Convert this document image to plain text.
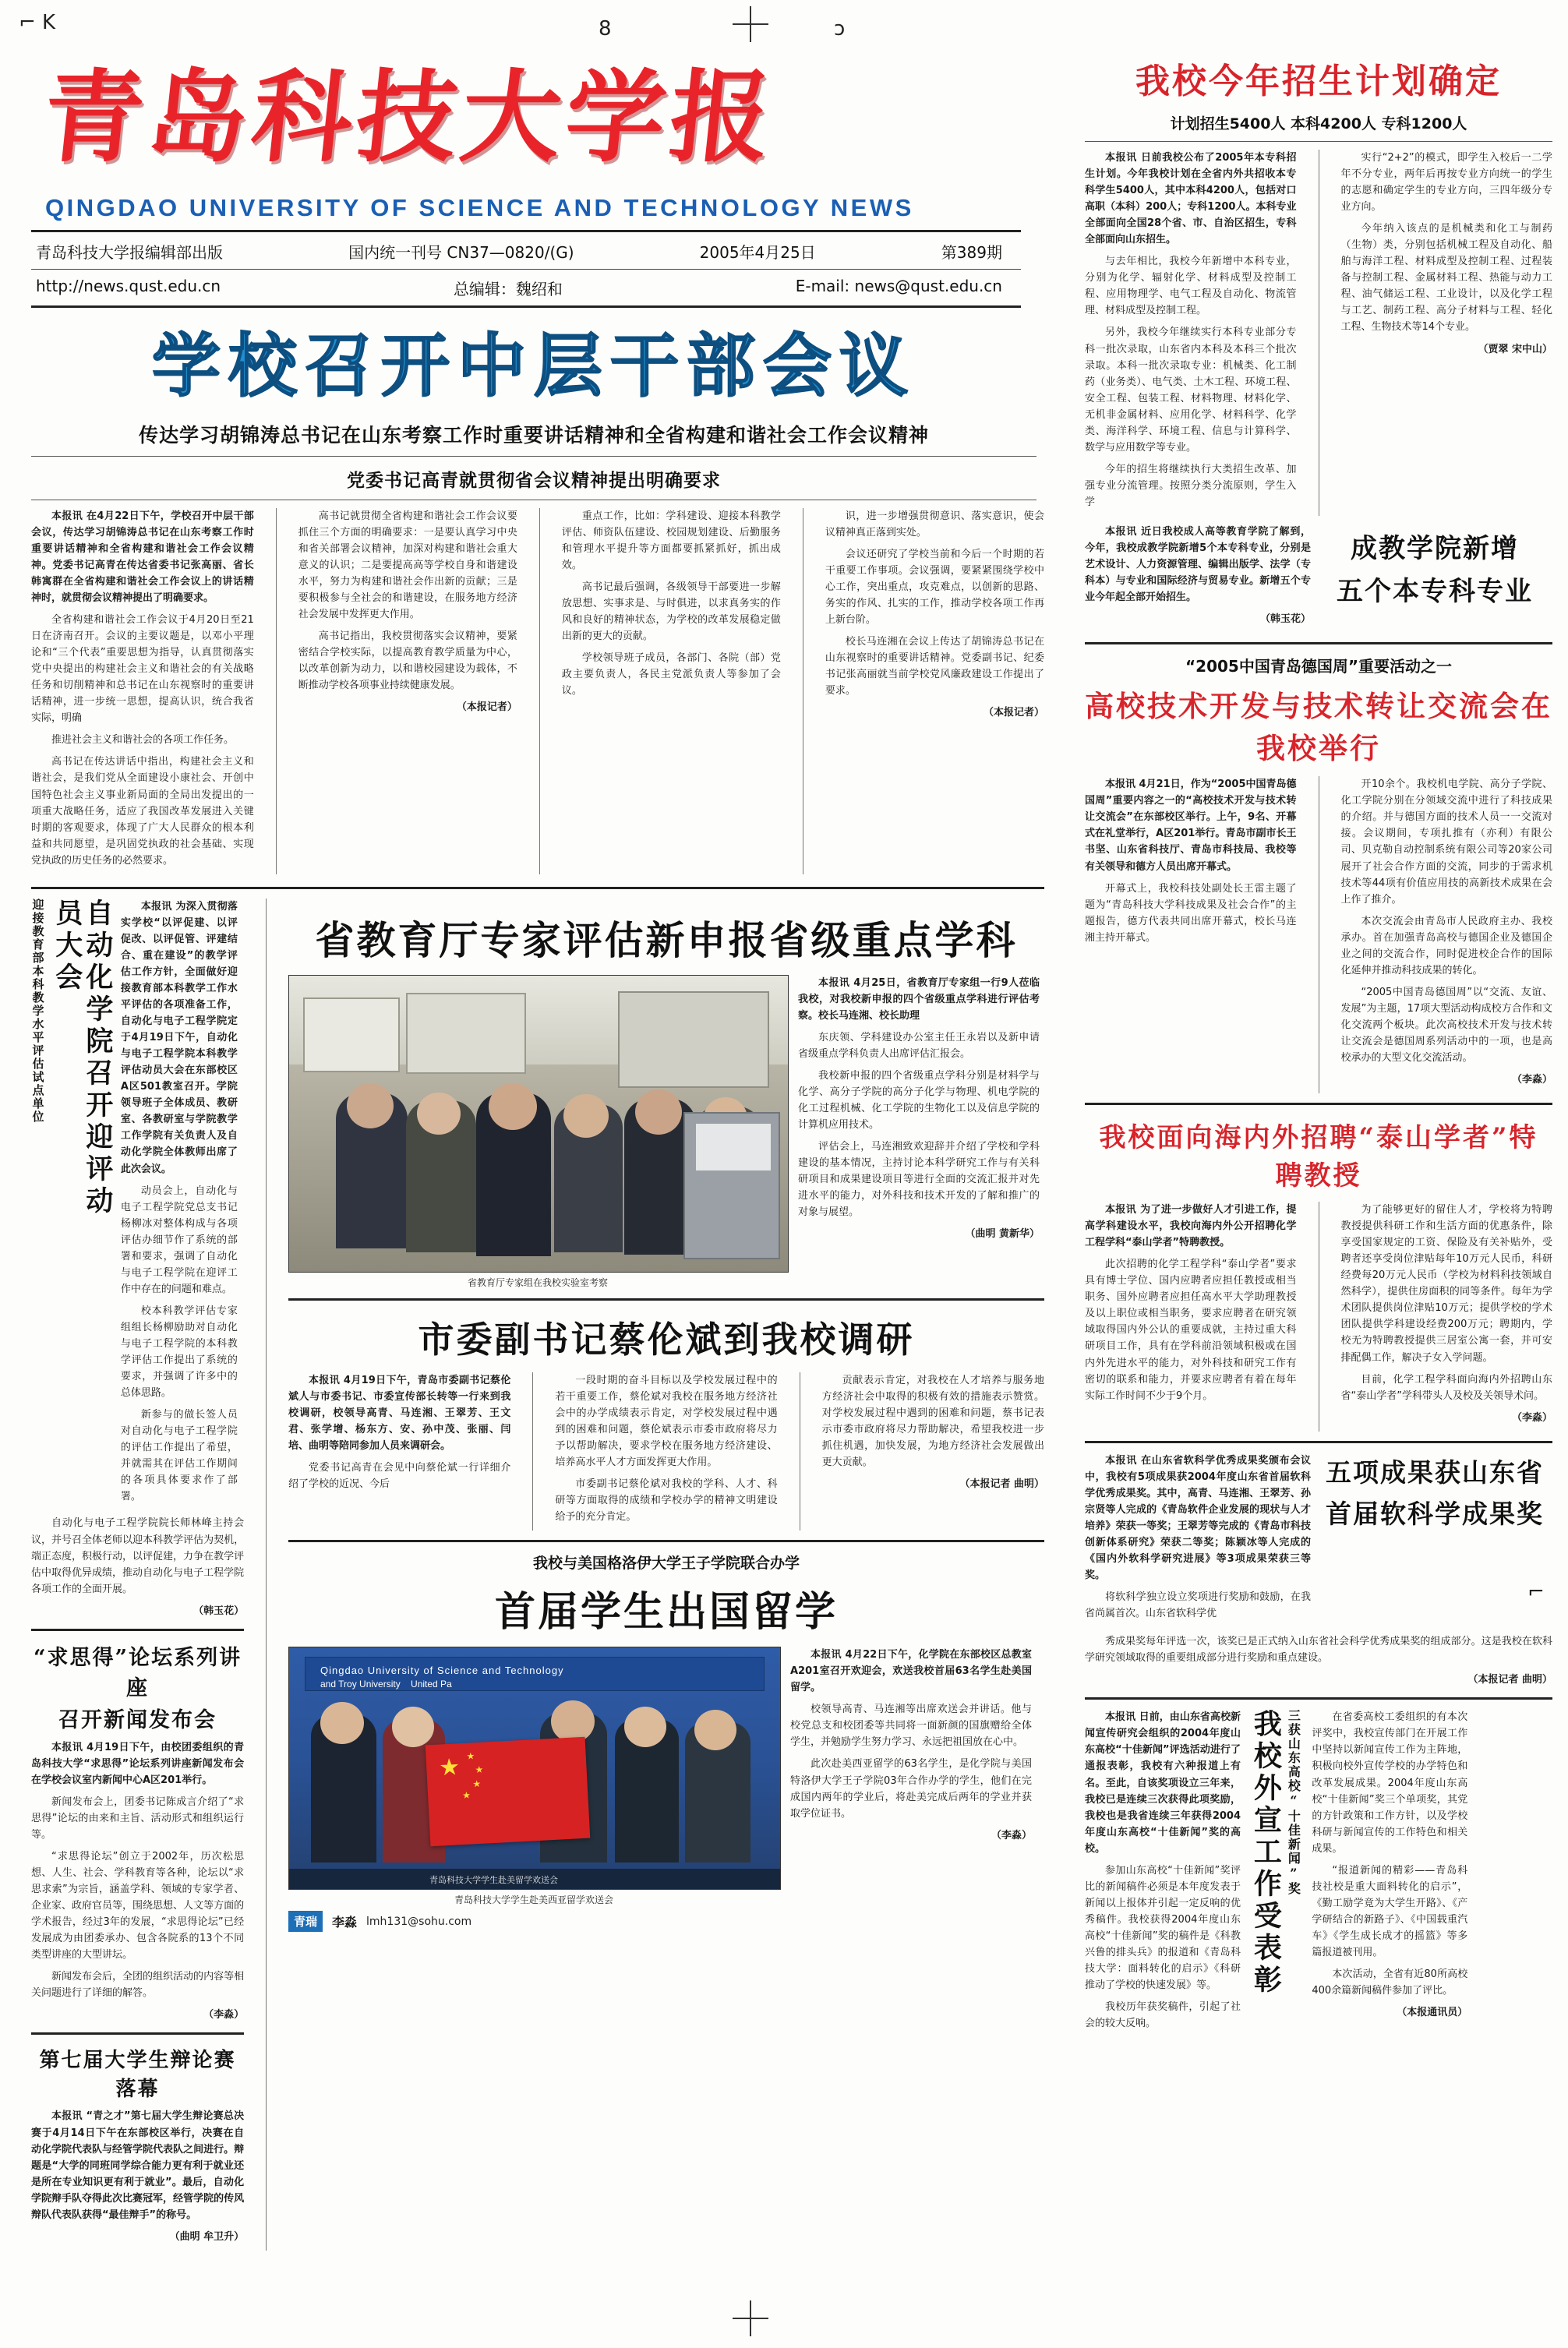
⌐ K	8	ɔ
⌐
青岛科技大学报
QINGDAO UNIVERSITY OF SCIENCE AND TECHNOLOGY NEWS
青岛科技大学报编辑部出版	国内统一刊号 CN37—0820/(G)	2005年4月25日	第389期
http://news.qust.edu.cn	总编辑：魏绍和	E-mail: news@qust.edu.cn
学校召开中层干部会议
传达学习胡锦涛总书记在山东考察工作时重要讲话精神和全省构建和谐社会工作会议精神
党委书记高青就贯彻省会议精神提出明确要求

本报讯 在4月22日下午，学校召开中层干部会议，传达学习胡锦涛总书记在山东考察工作时重要讲话精神和全省构建和谐社会工作会议精神。党委书记高青在传达省委书记张高丽、省长韩寓群在全省构建和谐社会工作会议上的讲话精神时，就贯彻会议精神提出了明确要求。

全省构建和谐社会工作会议于4月20日至21日在济南召开。会议的主要议题是，以邓小平理论和“三个代表”重要思想为指导，认真贯彻落实党中央提出的构建社会主义和谐社会的有关战略任务和切削精神和总书记在山东视察时的重要讲话精神，进一步统一思想，提高认识，统合我省实际，明确

推进社会主义和谐社会的各项工作任务。

高书记在传达讲话中指出，构建社会主义和谐社会，是我们党从全面建设小康社会、开创中国特色社会主义事业新局面的全局出发提出的一项重大战略任务，适应了我国改革发展进入关键时期的客观要求，体现了广大人民群众的根本利益和共同愿望，是巩固党执政的社会基础、实现党执政的历史任务的必然要求。

高书记就贯彻全省构建和谐社会工作会议要抓住三个方面的明确要求：一是要认真学习中央和省关部署会议精神，加深对构建和谐社会重大意义的认识；二是要提高高等学校自身和谐建设水平，努力为构建和谐社会作出新的贡献；三是要积极参与全社会的和谐建设，在服务地方经济社会发展中发挥更大作用。

高书记指出，我校贯彻落实会议精神，要紧密结合学校实际，以提高教育教学质量为中心，以改革创新为动力，以和谐校园建设为载体，不断推动学校各项事业持续健康发展。

（本报记者）

重点工作，比如：学科建设、迎接本科教学评估、师资队伍建设、校园规划建设、后勤服务和管理水平提升等方面都要抓紧抓好，抓出成效。

高书记最后强调，各级领导干部要进一步解放思想、实事求是、与时俱进，以求真务实的作风和良好的精神状态，为学校的改革发展稳定做出新的更大的贡献。

学校领导班子成员，各部门、各院（部）党政主要负责人，各民主党派负责人等参加了会议。

识，进一步增强贯彻意识、落实意识，使会议精神真正落到实处。

会议还研究了学校当前和今后一个时期的若干重要工作事项。会议强调，要紧紧围绕学校中心工作，突出重点，攻克难点，以创新的思路、务实的作风、扎实的工作，推动学校各项工作再上新台阶。

校长马连湘在会议上传达了胡锦涛总书记在山东视察时的重要讲话精神。党委副书记、纪委书记张高丽就当前学校党风廉政建设工作提出了要求。

（本报记者）

迎接教育部本科教学水平评估试点单位	自动化学院召开迎评动员大会	本报讯 为深入贯彻落实学校“以评促建、以评促改、以评促管、评建结合、重在建设”的教学评估工作方针，全面做好迎接教育部本科教学工作水平评估的各项准备工作，自动化与电子工程学院定于4月19日下午，自动化与电子工程学院本科教学评估动员大会在东部校区A区501教室召开。学院领导班子全体成员、教研室、各教研室与学院教学工作学院有关负责人及自动化学院全体教师出席了此次会议。

动员会上，自动化与电子工程学院党总支书记杨柳冰对整体构成与各项评估办细节作了系统的部署和要求，强调了自动化与电子工程学院在迎评工作中存在的问题和难点。

校本科教学评估专家组组长杨柳励助对自动化与电子工程学院的本科教学评估工作提出了系统的要求，并强调了许多中的总体思路。

新参与的做长签人员对自动化与电子工程学院的评估工作提出了希望，并就需其在评估工作期间的各项具体要求作了部署。

自动化与电子工程学院院长师林峰主持会议，并号召全体老师以迎本科教学评估为契机，端正态度，积极行动，以评促建，力争在教学评估中取得优异成绩，推动自动化与电子工程学院各项工作的全面开展。

（韩玉花）

“求思得”论坛系列讲座
召开新闻发布会

本报讯 4月19日下午，由校团委组织的青岛科技大学“求思得”论坛系列讲座新闻发布会在学校会议室内新闻中心A区201举行。

新闻发布会上，团委书记陈成言介绍了“求思得”论坛的由来和主旨、活动形式和组织运行等。

“求思得论坛”创立于2002年，历次松思想、人生、社会、学科教育等各种，论坛以“求思求索”为宗旨，涵盖学科、领域的专家学者、企业家、政府官员等，围绕思想、人文等方面的学术报告，经过3年的发展，“求思得论坛”已经发展成为由团委承办、包含各院系的13个不同类型讲座的大型讲坛。

新闻发布会后，全团的组织活动的内容等相关问题进行了详细的解答。

（李淼）

第七届大学生辩论赛落幕

本报讯 “青之才”第七届大学生辩论赛总决赛于4月14日下午在东部校区举行，决赛在自动化学院代表队与经管学院代表队之间进行。辩题是“大学的同班同学综合能力更有利于就业还是所在专业知识更有利于就业”。最后，自动化学院辩手队夺得此次比赛冠军，经管学院的传风辩队代表队获得“最佳辩手”的称号。

（曲明 牟卫升）

省教育厅专家评估新申报省级重点学科
省教育厅专家组在我校实验室考察

本报讯 4月25日，省教育厅专家组一行9人莅临我校，对我校新申报的四个省级重点学科进行评估考察。校长马连湘、校长助理

东庆领、学科建设办公室主任王永岩以及新申请省级重点学科负责人出席评估汇报会。

我校新申报的四个省级重点学科分别是材料学与化学、高分子学院的高分子化学与物理、机电学院的化工过程机械、化工学院的生物化工以及信息学院的计算机应用技术。

评估会上，马连湘致欢迎辞并介绍了学校和学科建设的基本情况，主持讨论本科学研究工作与有关科研项目和成果建设项目等进行全面的交流汇报并对先进水平的能力，对外科技和技术开发的了解和推广的对象与展望。

（曲明 黄新华）

市委副书记蔡伦斌到我校调研

本报讯 4月19日下午，青岛市委副书记蔡伦斌人与市委书记、市委宣传部长转等一行来到我校调研，校领导高青、马连湘、王翠芳、王文君、张学增、杨东方、安、孙中茂、张丽、闫培、曲明等陪同参加人员来调研会。

党委书记高青在会见中向蔡伦斌一行详细介绍了学校的近况、今后

一段时期的奋斗目标以及学校发展过程中的若干重要工作，蔡伦斌对我校在服务地方经济社会中的办学成绩表示肯定，对学校发展过程中遇到的困难和问题，蔡伦斌表示市委市政府将尽力予以帮助解决，要求学校在服务地方经济建设、培养高水平人才方面发挥更大作用。

市委副书记蔡伦斌对我校的学科、人才、科研等方面取得的成绩和学校办学的精神文明建设给予的充分肯定。

贡献表示肯定，对我校在人才培养与服务地方经济社会中取得的积极有效的措施表示赞赏。对学校发展过程中遇到的困难和问题，蔡书记表示市委市政府将尽力帮助解决，希望我校进一步抓住机遇，加快发展，为地方经济社会发展做出更大贡献。

（本报记者 曲明）

我校与美国格洛伊大学王子学院联合办学
首届学生出国留学
Qingdao University of Science and Technology
and Troy University    United Pa
★ ★
★
★
★
青岛科技大学学生赴美留学欢送会
青岛科技大学学生赴美西亚留学欢送会
青瑞	李淼 lmh131@sohu.com

本报讯 4月22日下午，化学院在东部校区总教室A201室召开欢迎会，欢送我校首届63名学生赴美国留学。

校领导高青、马连湘等出席欢送会并讲话。他与校党总支和校团委等共同将一面新颜的国旗赠给全体学生，并勉励学生努力学习、永远把祖国放在心中。

此次赴美西亚留学的63名学生，是化学院与美国特洛伊大学王子学院03年合作办学的学生，他们在完成国内两年的学业后，将赴美完成后两年的学业并获取学位证书。

（李淼）

我校今年招生计划确定
计划招生5400人 本科4200人 专科1200人

本报讯 日前我校公布了2005年本专科招生计划。今年我校计划在全省内外共招收本专科学生5400人，其中本科4200人，包括对口高职（本科）200人；专科1200人。本科专业全部面向全国28个省、市、自治区招生，专科全部面向山东招生。

与去年相比，我校今年新增中本科专业，分别为化学、辐射化学、材料成型及控制工程、应用物理学、电气工程及自动化、物流管理、材料成型及控制工程。

另外，我校今年继续实行本科专业部分专科一批次录取，山东省内本科及本科三个批次录取。本科一批次录取专业：机械类、化工制药（业务类）、电气类、土木工程、环境工程、安全工程、包装工程、材料物理、材料化学、无机非金属材料、应用化学、材料科学、化学类、海洋科学、环境工程、信息与计算科学、数学与应用数学等专业。

今年的招生将继续执行大类招生改革、加强专业分流管理。按照分类分流原则，学生入学

实行“2+2”的模式，即学生入校后一二学年不分专业，两年后再按专业方向统一的学生的志愿和确定学生的专业方向，三四年级分专业方向。

今年纳入该点的是机械类和化工与制药（生物）类，分别包括机械工程及自动化、船舶与海洋工程、材料成型及控制工程、过程装备与控制工程、金属材料工程、热能与动力工程、油气储运工程、工业设计，以及化学工程与工艺、制药工程、高分子材料与工程、轻化工程、生物技术等14个专业。

（贾翠 宋中山）

本报讯 近日我校成人高等教育学院了解到，今年，我校成教学院新增5个本专科专业，分别是艺术设计、人力资源管理、编辑出版学、法学（专科本）与专业和国际经济与贸易专业。新增五个专业今年起全部开始招生。

（韩玉花）

成教学院新增
五个本专科专业
“2005中国青岛德国周”重要活动之一
高校技术开发与技术转让交流会在我校举行

本报讯 4月21日，作为“2005中国青岛德国周”重要内容之一的“高校技术开发与技术转让交流会”在东部校区举行。上午，9名、开幕式在礼堂举行，A区201举行。青岛市副市长王书坚、山东省科技厅、青岛市科技局、我校等有关领导和德方人员出席开幕式。

开幕式上，我校科技处副处长王雷主题了题为“青岛科技大学科技成果及社会合作”的主题报告，德方代表共同出席开幕式，校长马连湘主持开幕式。

开10余个。我校机电学院、高分子学院、化工学院分别在分领域交流中进行了科技成果的介绍。并与德国方面的技术人员一一交流对接。会议期间，专项扎推有（亦利）有限公司、贝克勒自动控制系统有限公司等20家公司展开了社会合作方面的交流，同步的于需求机技术等44项有价值应用技的高新技术成果在会上作了推介。

本次交流会由青岛市人民政府主办、我校承办。首在加强青岛高校与德国企业及德国企业之间的交流合作，同时促进校企合作的国际化延伸并推动科技成果的转化。

“2005中国青岛德国周”以“交流、友谊、发展”为主题，17项大型活动构成校方合作和文化交流两个板块。此次高校技术开发与技术转让交流会是德国周系列活动中的一项，也是高校承办的大型文化交流活动。

（李淼）

我校面向海内外招聘“泰山学者”特聘教授

本报讯 为了进一步做好人才引进工作，提高学科建设水平，我校向海内外公开招聘化学工程学科“泰山学者”特聘教授。

此次招聘的化学工程学科“泰山学者”要求具有博士学位、国内应聘者应担任教授或相当职务、国外应聘者应担任高水平大学助理教授及以上职位或相当职务，要求应聘者在研究领域取得国内外公认的重要成就，主持过重大科研项目工作，具有在学科前沿领域积极或在国内外先进水平的能力，对外科技和研究工作有密切的联系和能力，并要求应聘者有着在每年实际工作时间不少于9个月。

为了能够更好的留住人才，学校将为特聘教授提供科研工作和生活方面的优惠条件，除享受国家规定的工资、保险及有关补贴外，受聘者还享受岗位津贴每年10万元人民币，科研经费每20万元人民币（学校为材料科技领域自然科学），提供住房面积的同等条件。每年为学术团队提供岗位津贴10万元；提供学校的学术团队提供学科建设经费200万元；聘期内，学校无为特聘教授提供三居室公寓一套，并可安排配偶工作，解决子女入学问题。

目前，化学工程学科面向海内外招聘山东省“泰山学者”学科带头人及校及关领导术问。

（李淼）

本报讯 在山东省软科学优秀成果奖颁布会议中，我校有5项成果获2004年度山东省首届软科学优秀成果奖。其中，高青、马连湘、王翠芳、孙宗贤等人完成的《青岛软件企业发展的现状与人才培养》荣获一等奖；王翠芳等完成的《青岛市科技创新体系研究》荣获二等奖；陈颖冰等人完成的《国内外软科学研究进展》等3项成果荣获三等奖。

将软科学独立设立奖项进行奖励和鼓励，在我省尚属首次。山东省软科学优

五项成果获山东省
首届软科学成果奖

秀成果奖每年评选一次，该奖已是正式纳入山东省社会科学优秀成果奖的组成部分。这是我校在软科学研究领域取得的重要组成部分进行奖励和重点建设。

（本报记者 曲明）

本报讯 日前，由山东省高校新闻宣传研究会组织的2004年度山东高校“十佳新闻”评选活动进行了通报表彰，我校有六种报道上有名。至此，自该奖项设立三年来，我校已是连续三次获得此项奖励，我校也是我省连续三年获得2004年度山东高校“十佳新闻”奖的高校。

参加山东高校“十佳新闻”奖评比的新闻稿件必须是本年度发表于新闻以上报体并引起一定反响的优秀稿件。我校获得2004年度山东高校“十佳新闻”奖的稿件是《科教兴鲁的排头兵》的报道和《青岛科技大学：面料转化的启示》《科研推动了学校的快速发展》等。

我校历年获奖稿件，引起了社会的较大反响。

我校外宣工作受表彰 三获山东高校“十佳新闻”奖	在省委高校工委组织的有本次评奖中，我校宣传部门在开展工作中坚持以新闻宣传工作为主阵地，积极向校外宣传学校的办学特色和改革发展成果。2004年度山东高校“十佳新闻”奖三个单项奖，其党的方针政策和工作方针，以及学校科研与新闻宣传的工作特色和相关成果。

“报道新闻的精彩——青岛科技社校是重大面料转化的启示”，《勤工励学竟为大学生开路》、《产学研结合的新路子》、《中国载重汽车》《学生成长成才的摇篮》等多篇报道被刊用。

本次活动，全省有近80所高校400余篇新闻稿件参加了评比。

（本报通讯员）
